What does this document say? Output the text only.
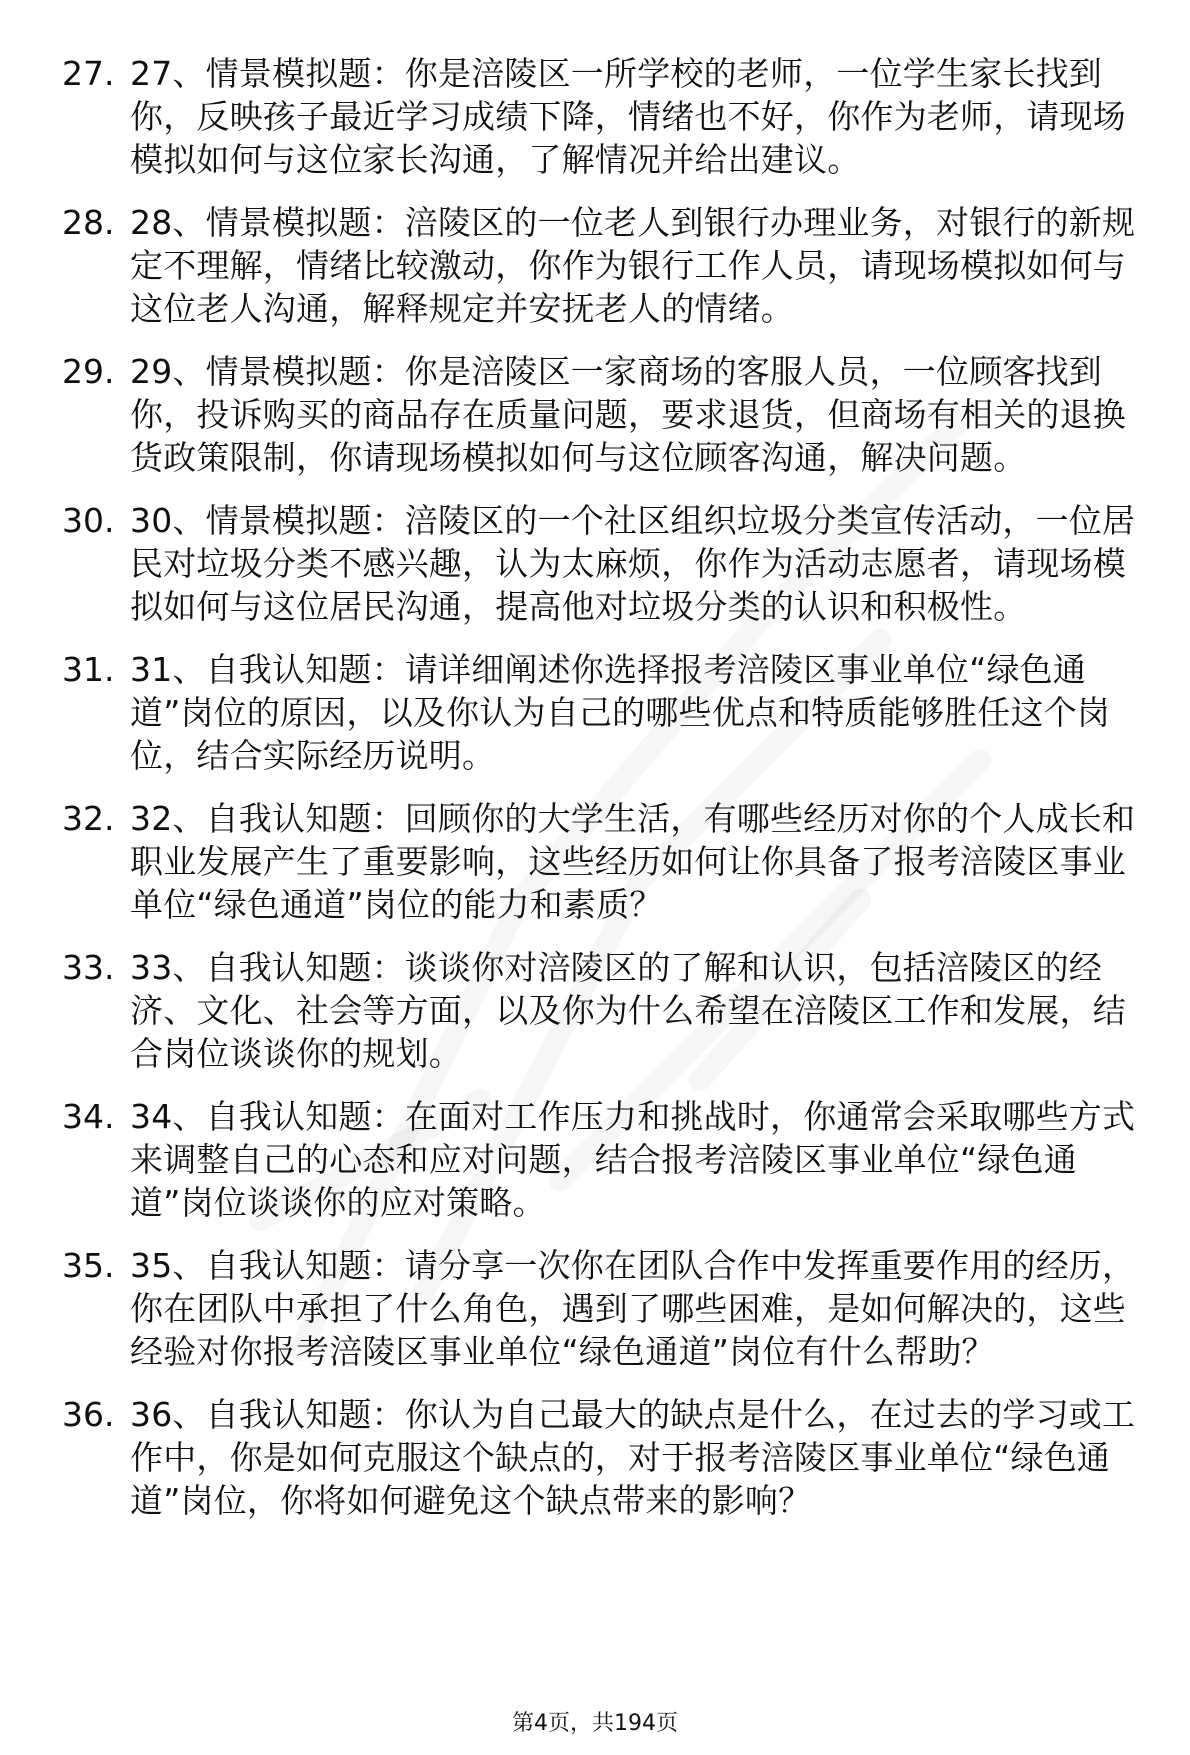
27. 27、情景模拟题：你是涪陵区一所学校的老师，一位学生家长找到你，反映孩子最近学习成绩下降，情绪也不好，你作为老师，请现场模拟如何与这位家长沟通，了解情况并给出建议。
28. 28、情景模拟题：涪陵区的一位老人到银行办理业务，对银行的新规定不理解，情绪比较激动，你作为银行工作人员，请现场模拟如何与这位老人沟通，解释规定并安抚老人的情绪。
29. 29、情景模拟题：你是涪陵区一家商场的客服人员，一位顾客找到你，投诉购买的商品存在质量问题，要求退货，但商场有相关的退换货政策限制，你请现场模拟如何与这位顾客沟通，解决问题。
30. 30、情景模拟题：涪陵区的一个社区组织垃圾分类宣传活动，一位居民对垃圾分类不感兴趣，认为太麻烦，你作为活动志愿者，请现场模拟如何与这位居民沟通，提高他对垃圾分类的认识和积极性。
31. 31、自我认知题：请详细阐述你选择报考涪陵区事业单位“绿色通道”岗位的原因，以及你认为自己的哪些优点和特质能够胜任这个岗位，结合实际经历说明。
32. 32、自我认知题：回顾你的大学生活，有哪些经历对你的个人成长和职业发展产生了重要影响，这些经历如何让你具备了报考涪陵区事业单位“绿色通道”岗位的能力和素质？
33. 33、自我认知题：谈谈你对涪陵区的了解和认识，包括涪陵区的经济、文化、社会等方面，以及你为什么希望在涪陵区工作和发展，结合岗位谈谈你的规划。
34. 34、自我认知题：在面对工作压力和挑战时，你通常会采取哪些方式来调整自己的心态和应对问题，结合报考涪陵区事业单位“绿色通道”岗位谈谈你的应对策略。
35. 35、自我认知题：请分享一次你在团队合作中发挥重要作用的经历，你在团队中承担了什么角色，遇到了哪些困难，是如何解决的，这些经验对你报考涪陵区事业单位“绿色通道”岗位有什么帮助？
36. 36、自我认知题：你认为自己最大的缺点是什么，在过去的学习或工作中，你是如何克服这个缺点的，对于报考涪陵区事业单位“绿色通道”岗位，你将如何避免这个缺点带来的影响？
第4页，共194页
